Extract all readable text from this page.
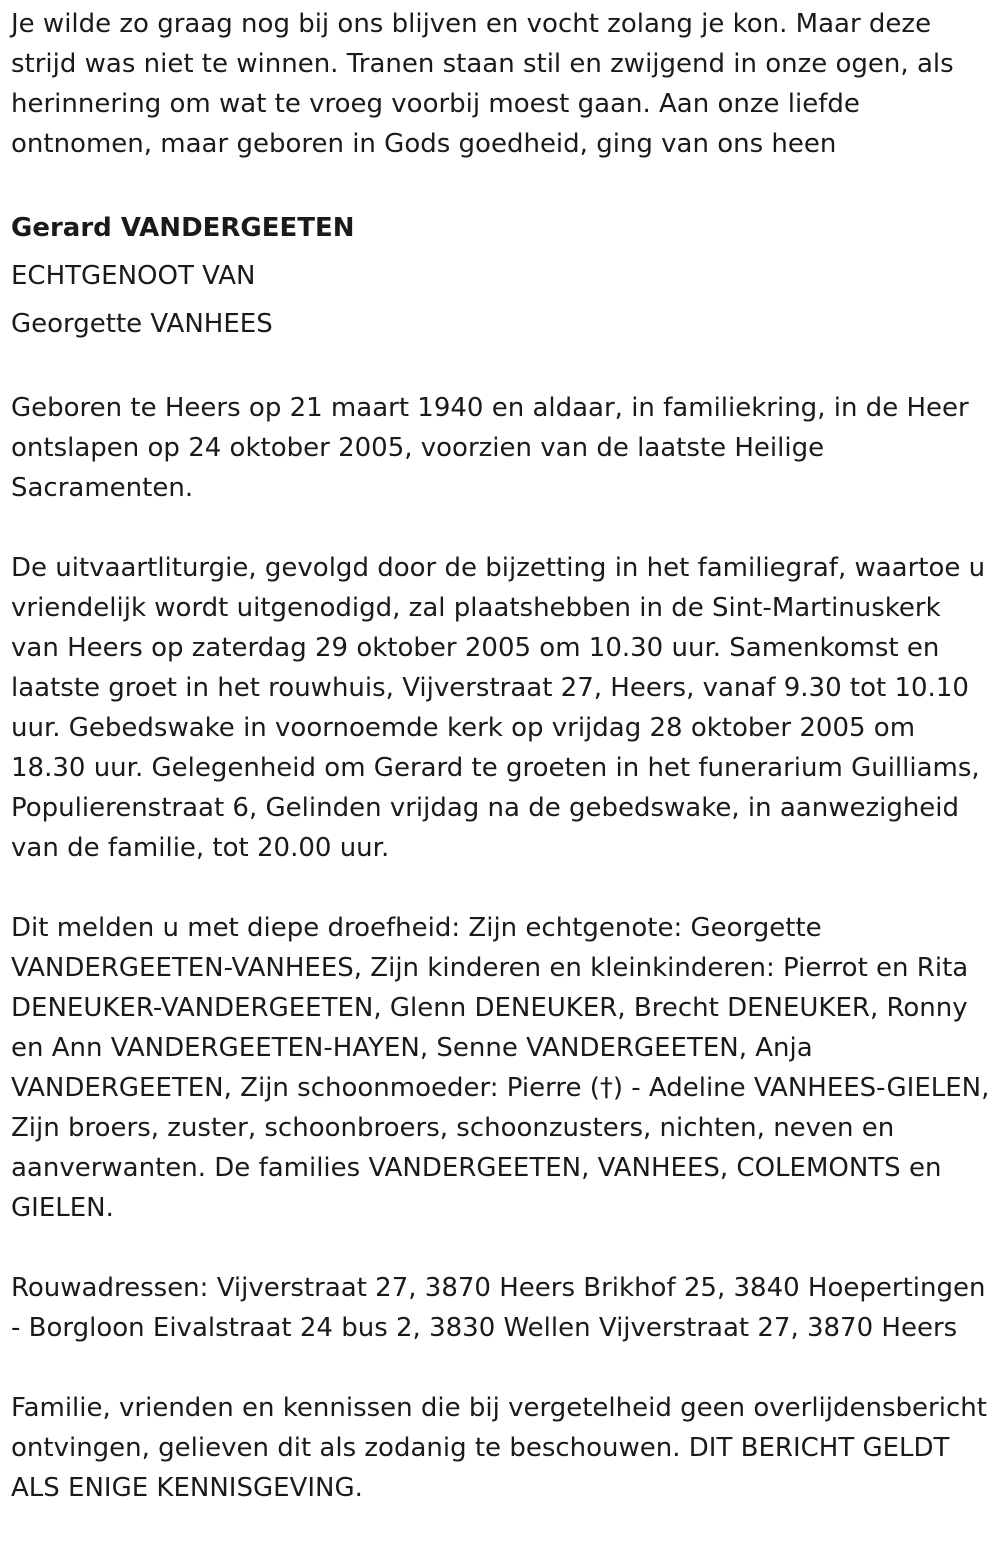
Je wilde zo graag nog bij ons blijven en vocht zolang je kon. Maar deze strijd was niet te winnen. Tranen staan stil en zwijgend in onze ogen, als herinnering om wat te vroeg voorbij moest gaan. Aan onze liefde ontnomen, maar geboren in Gods goedheid, ging van ons heen

Gerard VANDERGEETEN
ECHTGENOOT VAN
Georgette VANHEES

Geboren te Heers op 21 maart 1940 en aldaar, in familiekring, in de Heer ontslapen op 24 oktober 2005, voorzien van de laatste Heilige Sacramenten.

De uitvaartliturgie, gevolgd door de bijzetting in het familiegraf, waartoe u vriendelijk wordt uitgenodigd, zal plaatshebben in de Sint-Martinuskerk van Heers op zaterdag 29 oktober 2005 om 10.30 uur. Samenkomst en laatste groet in het rouwhuis, Vijverstraat 27, Heers, vanaf 9.30 tot 10.10 uur. Gebedswake in voornoemde kerk op vrijdag 28 oktober 2005 om 18.30 uur. Gelegenheid om Gerard te groeten in het funerarium Guilliams, Populierenstraat 6, Gelinden vrijdag na de gebedswake, in aanwezigheid van de familie, tot 20.00 uur.

Dit melden u met diepe droefheid: Zijn echtgenote: Georgette VANDERGEETEN-VANHEES, Zijn kinderen en kleinkinderen: Pierrot en Rita DENEUKER-VANDERGEETEN, Glenn DENEUKER, Brecht DENEUKER, Ronny en Ann VANDERGEETEN-HAYEN, Senne VANDERGEETEN, Anja VANDERGEETEN, Zijn schoonmoeder: Pierre (†) - Adeline VANHEES-GIELEN, Zijn broers, zuster, schoonbroers, schoonzusters, nichten, neven en aanverwanten. De families VANDERGEETEN, VANHEES, COLEMONTS en GIELEN.

Rouwadressen: Vijverstraat 27, 3870 Heers Brikhof 25, 3840 Hoepertingen - Borgloon Eivalstraat 24 bus 2, 3830 Wellen Vijverstraat 27, 3870 Heers

Familie, vrienden en kennissen die bij vergetelheid geen overlijdensbericht ontvingen, gelieven dit als zodanig te beschouwen. DIT BERICHT GELDT ALS ENIGE KENNISGEVING.
